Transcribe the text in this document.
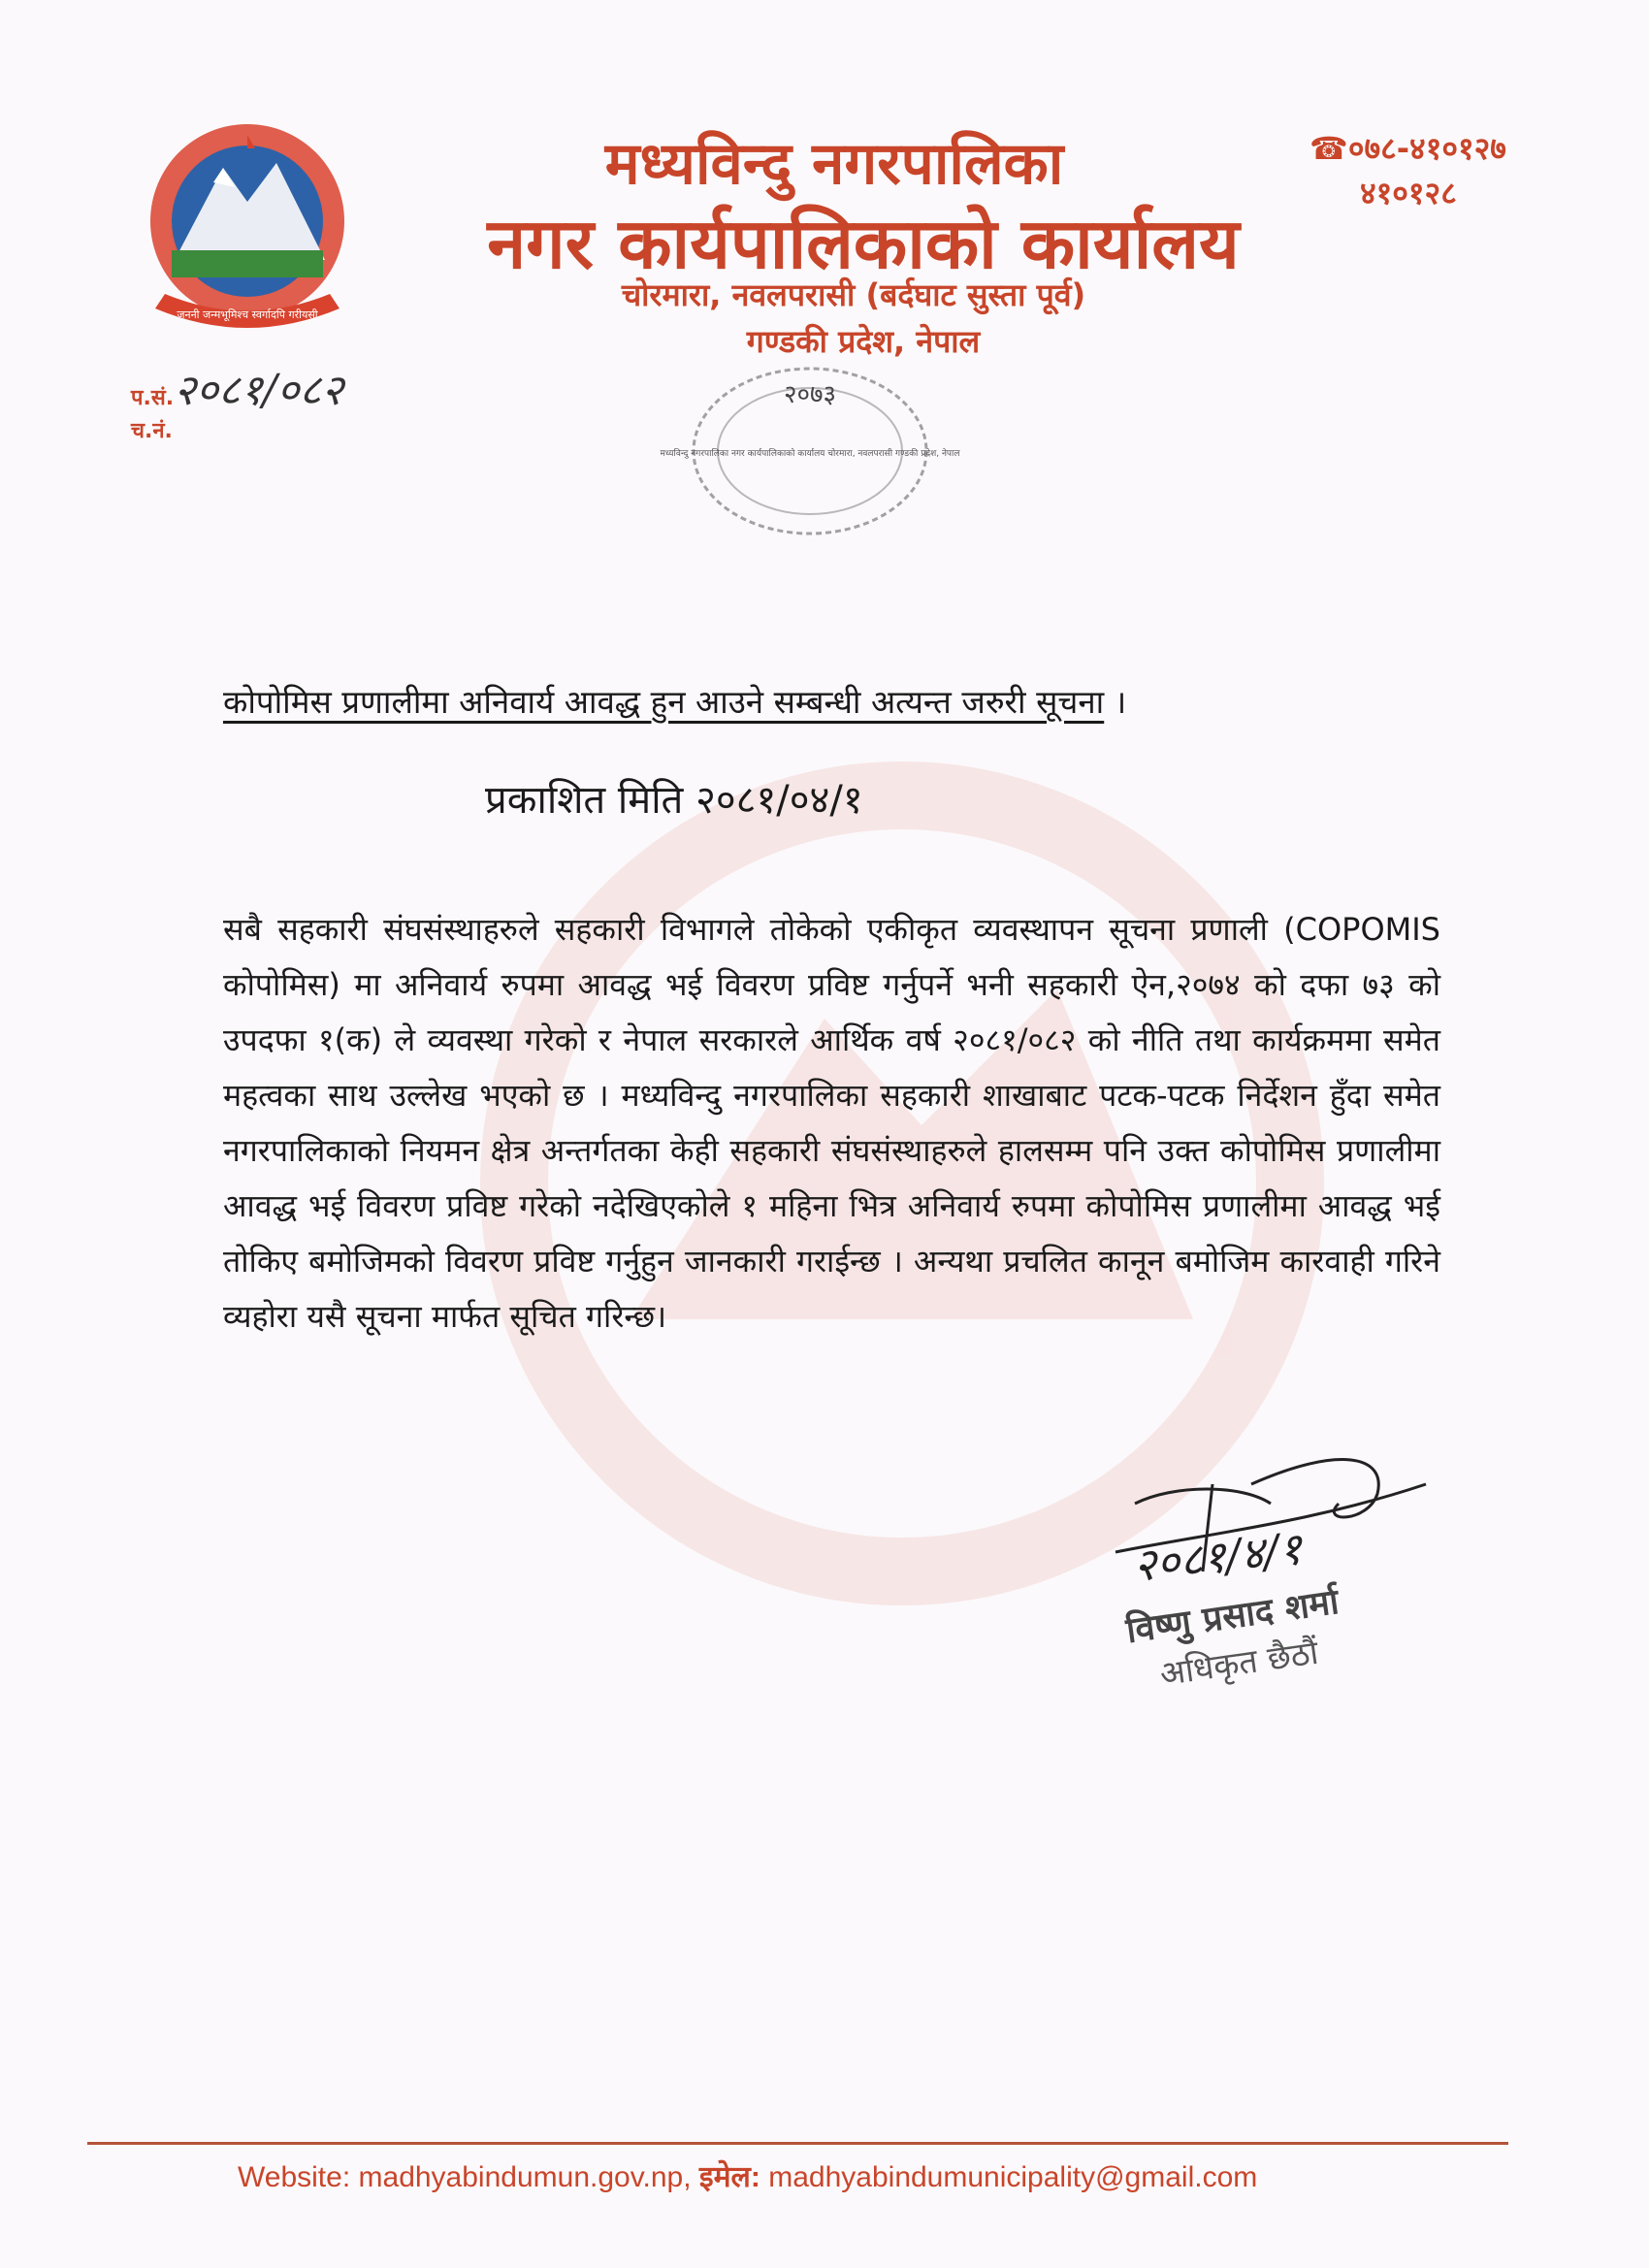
जननी जन्मभूमिश्च स्वर्गादपि गरीयसी
मध्यविन्दु नगरपालिका
नगर कार्यपालिकाको कार्यालय
चोरमारा, नवलपरासी (बर्दघाट सुस्ता पूर्व)
गण्डकी प्रदेश, नेपाल
☎०७८-४१०१२७
४१०१२८
प.सं.२०८१/०८२
च.नं.
२०७३
मध्यविन्दु नगरपालिका नगर कार्यपालिकाको कार्यालय चोरमारा, नवलपरासी गण्डकी प्रदेश, नेपाल
कोपोमिस प्रणालीमा अनिवार्य आवद्ध हुन आउने सम्बन्धी अत्यन्त जरुरी सूचना ।
प्रकाशित मिति २०८१/०४/१
सबै सहकारी संघसंस्थाहरुले सहकारी विभागले तोकेको एकीकृत व्यवस्थापन सूचना प्रणाली (COPOMIS कोपोमिस) मा अनिवार्य रुपमा आवद्ध भई विवरण प्रविष्ट गर्नुपर्ने भनी सहकारी ऐन,२०७४ को दफा ७३ को उपदफा १(क) ले व्यवस्था गरेको र नेपाल सरकारले आर्थिक वर्ष २०८१/०८२ को नीति तथा कार्यक्रममा समेत महत्वका साथ उल्लेख भएको छ । मध्यविन्दु नगरपालिका सहकारी शाखाबाट पटक-पटक निर्देशन हुँदा समेत नगरपालिकाको नियमन क्षेत्र अन्तर्गतका केही सहकारी संघसंस्थाहरुले हालसम्म पनि उक्त कोपोमिस प्रणालीमा आवद्ध भई विवरण प्रविष्ट गरेको नदेखिएकोले १ महिना भित्र अनिवार्य रुपमा कोपोमिस प्रणालीमा आवद्ध भई तोकिए बमोजिमको विवरण प्रविष्ट गर्नुहुन जानकारी गराईन्छ । अन्यथा प्रचलित कानून बमोजिम कारवाही गरिने व्यहोरा यसै सूचना मार्फत सूचित गरिन्छ।
२०८१/४/१
विष्णु प्रसाद शर्मा
अधिकृत छैठौं
Website: madhyabindumun.gov.np, इमेल: madhyabindumunicipality@gmail.com
